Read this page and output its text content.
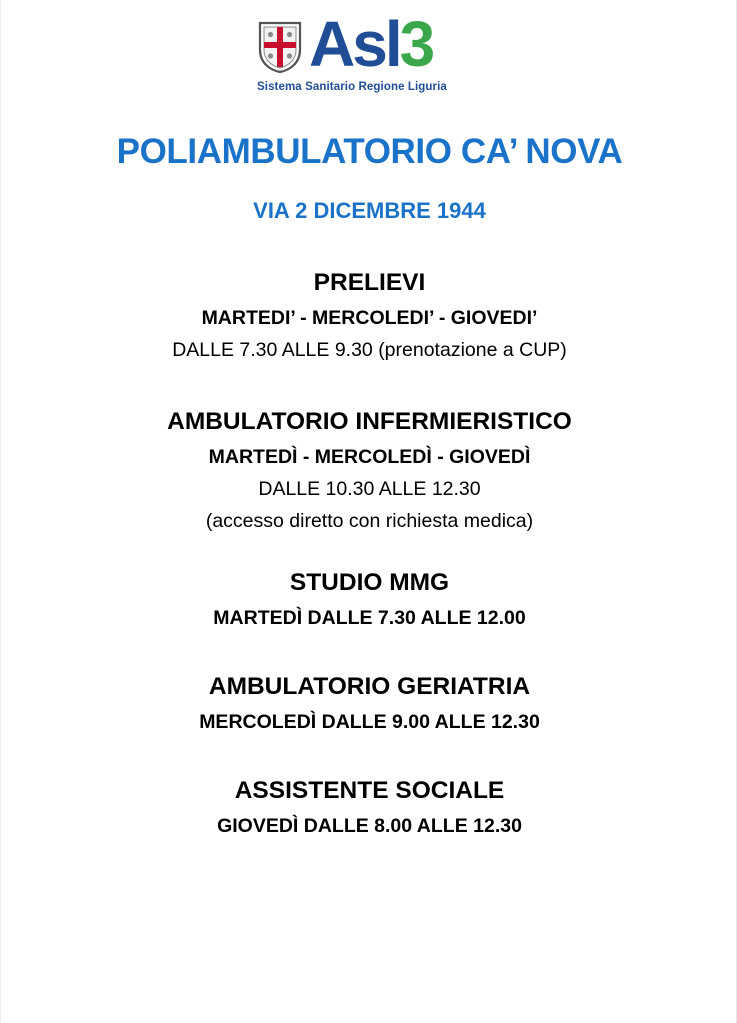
Asl3
Sistema Sanitario Regione Liguria
POLIAMBULATORIO CA’ NOVA
VIA 2 DICEMBRE 1944
PRELIEVI
MARTEDI’ - MERCOLEDI’ - GIOVEDI’
DALLE 7.30 ALLE 9.30 (prenotazione a CUP)
AMBULATORIO INFERMIERISTICO
MARTEDÌ - MERCOLEDÌ - GIOVEDÌ
DALLE 10.30 ALLE 12.30
(accesso diretto con richiesta medica)
STUDIO MMG
MARTEDÌ DALLE 7.30 ALLE 12.00
AMBULATORIO GERIATRIA
MERCOLEDÌ DALLE 9.00 ALLE 12.30
ASSISTENTE SOCIALE
GIOVEDÌ DALLE 8.00 ALLE 12.30
